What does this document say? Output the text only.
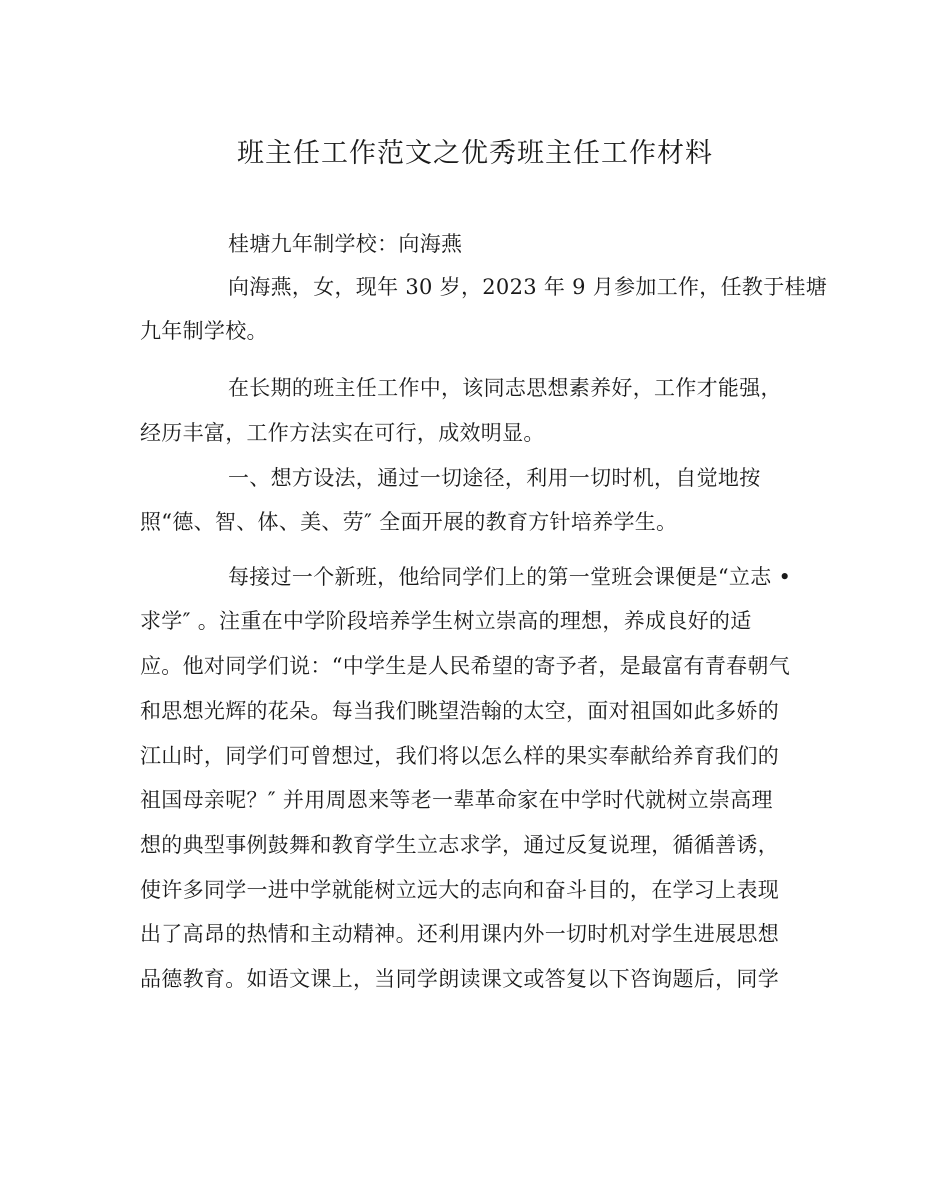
班主任工作范文之优秀班主任工作材料

桂塘九年制学校：向海燕

向海燕，女，现年 30 岁，2023 年 9 月参加工作，任教于桂塘

九年制学校。

在长期的班主任工作中，该同志思想素养好，工作才能强，

经历丰富，工作方法实在可行，成效明显。

一、想方设法，通过一切途径，利用一切时机，自觉地按

照“德、智、体、美、劳″ 全面开展的教育方针培养学生。

每接过一个新班，他给同学们上的第一堂班会课便是“立志 •

求学″ 。注重在中学阶段培养学生树立崇高的理想，养成良好的适

应。他对同学们说：“中学生是人民希望的寄予者，是最富有青春朝气

和思想光辉的花朵。每当我们眺望浩翰的太空，面对祖国如此多娇的

江山时，同学们可曾想过，我们将以怎么样的果实奉献给养育我们的

祖国母亲呢？″ 并用周恩来等老一辈革命家在中学时代就树立崇高理

想的典型事例鼓舞和教育学生立志求学，通过反复说理，循循善诱，

使许多同学一进中学就能树立远大的志向和奋斗目的，在学习上表现

出了高昂的热情和主动精神。还利用课内外一切时机对学生进展思想

品德教育。如语文课上，当同学朗读课文或答复以下咨询题后，同学
